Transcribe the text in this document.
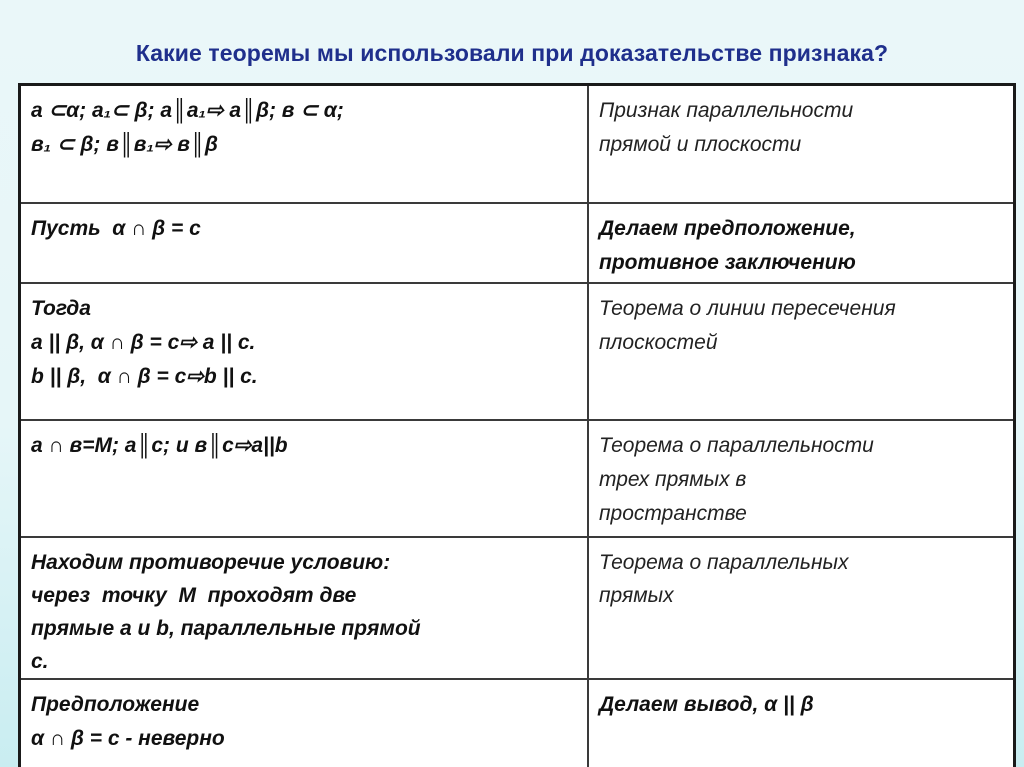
Какие теоремы мы использовали при доказательстве признака?
а ⊂α; а₁⊂ β; а║а₁⇨ а║β; в ⊂ α;
в₁ ⊂ β; в║в₁⇨ в║β
Признак параллельности
прямой и плоскости
Пусть  α ∩ β = с	Делаем предположение,
противное заключению
Тогда
а || β, α ∩ β = с⇨ а || с.
b || β,  α ∩ β = с⇨b || с.
Теорема о линии пересечения
плоскостей
а ∩ в=М; а║с; и в║с⇨а||b	Теорема о параллельности
трех прямых в
пространстве
Находим противоречие условию:
через  точку  М  проходят две
прямые а и b, параллельные прямой
с.
Теорема о параллельных
прямых
Предположение
α ∩ β = с - неверно
Делаем вывод, α || β
